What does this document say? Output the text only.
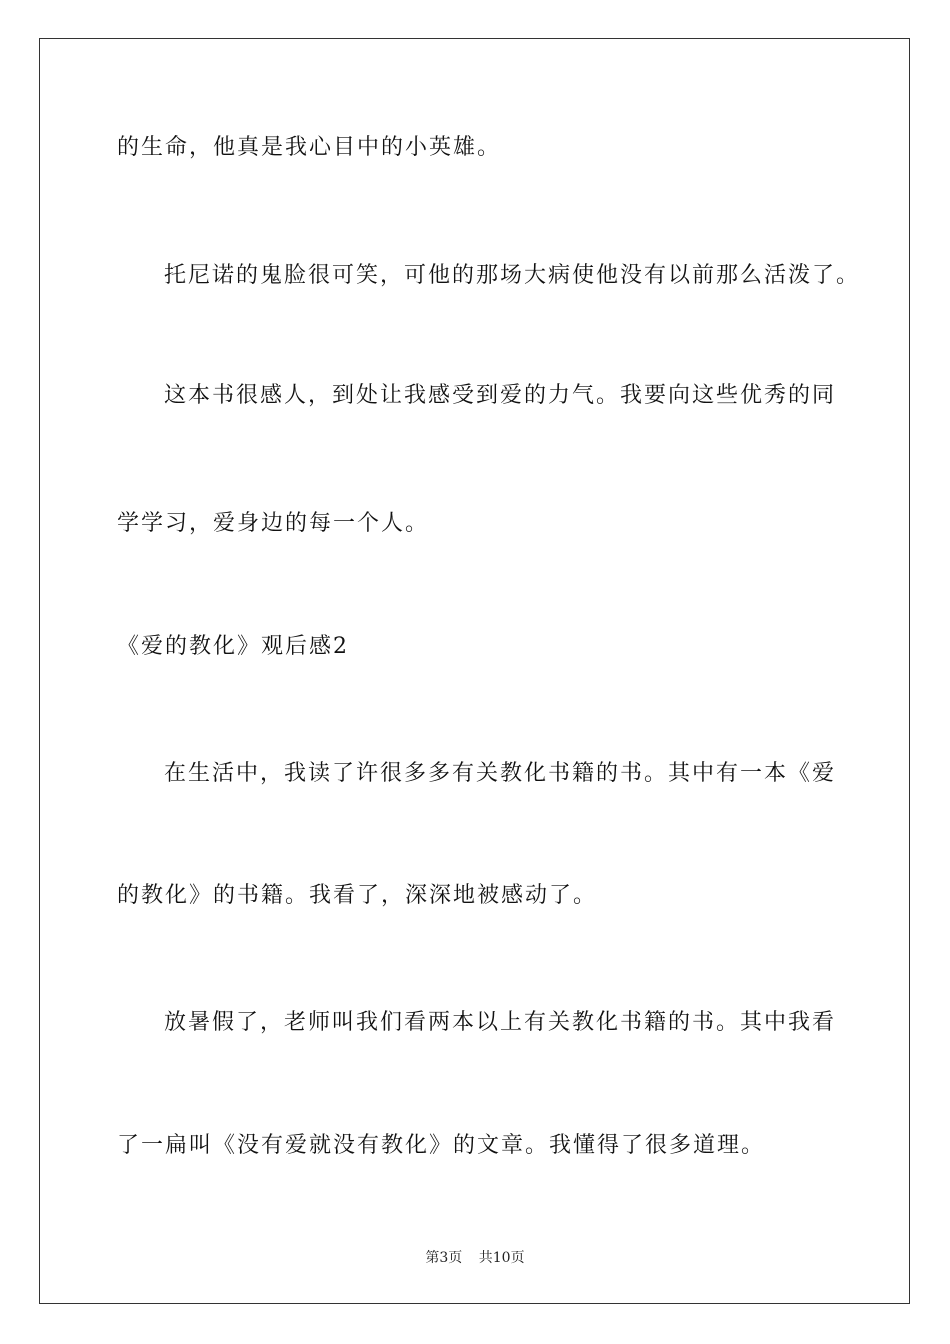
的生命，他真是我心目中的小英雄。
托尼诺的鬼脸很可笑，可他的那场大病使他没有以前那么活泼了。
这本书很感人，到处让我感受到爱的力气。我要向这些优秀的同
学学习，爱身边的每一个人。
《爱的教化》观后感2
在生活中，我读了许很多多有关教化书籍的书。其中有一本《爱
的教化》的书籍。我看了，深深地被感动了。
放暑假了，老师叫我们看两本以上有关教化书籍的书。其中我看
了一扁叫《没有爱就没有教化》的文章。我懂得了很多道理。
第3页 共10页
